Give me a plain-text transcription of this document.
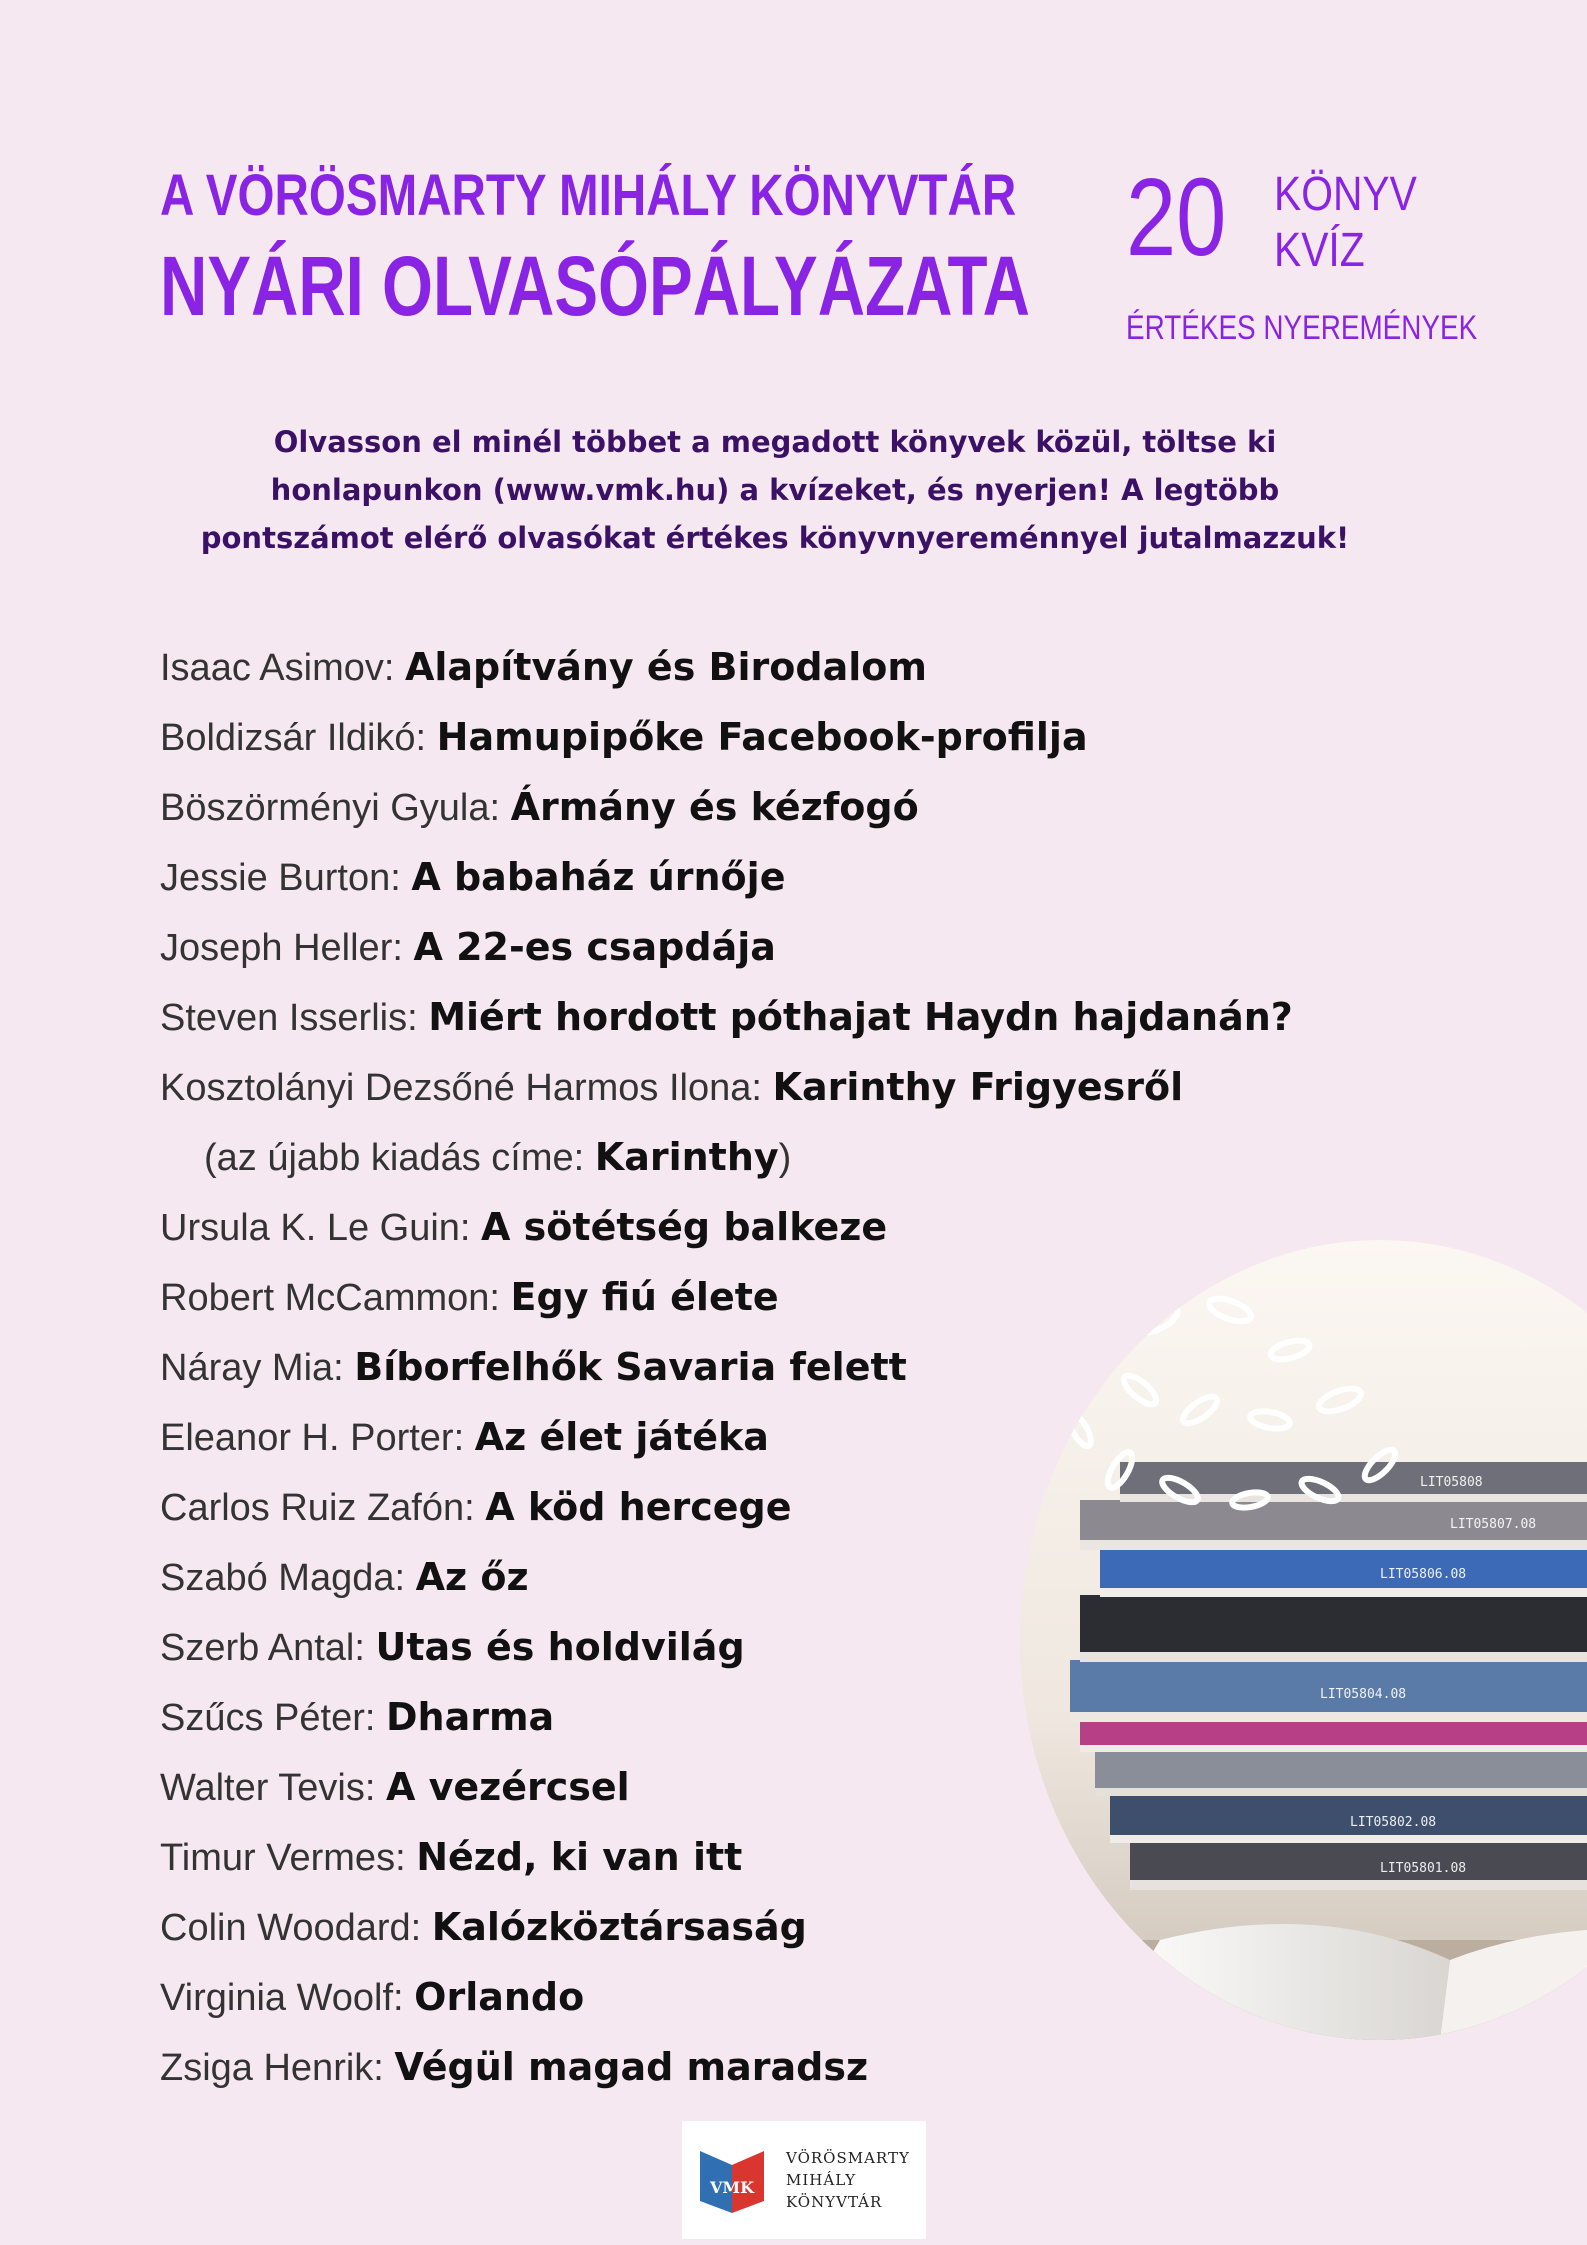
A VÖRÖSMARTY MIHÁLY KÖNYVTÁR
NYÁRI OLVASÓPÁLYÁZATA
20 KÖNYV
KVÍZ
ÉRTÉKES NYEREMÉNYEK
Olvasson el minél többet a megadott könyvek közül, töltse ki
honlapunkon (www.vmk.hu) a kvízeket, és nyerjen! A legtöbb
pontszámot elérő olvasókat értékes könyvnyereménnyel jutalmazzuk!
Isaac Asimov: Alapítvány és Birodalom
Boldizsár Ildikó: Hamupipőke Facebook-profilja
Böszörményi Gyula: Ármány és kézfogó
Jessie Burton: A babaház úrnője
Joseph Heller: A 22-es csapdája
Steven Isserlis: Miért hordott póthajat Haydn hajdanán?
Kosztolányi Dezsőné Harmos Ilona: Karinthy Frigyesről
(az újabb kiadás címe: Karinthy)
Ursula K. Le Guin: A sötétség balkeze
Robert McCammon: Egy fiú élete
Náray Mia: Bíborfelhők Savaria felett
Eleanor H. Porter: Az élet játéka
Carlos Ruiz Zafón: A köd hercege
Szabó Magda: Az őz
Szerb Antal: Utas és holdvilág
Szűcs Péter: Dharma
Walter Tevis: A vezércsel
Timur Vermes: Nézd, ki van itt
Colin Woodard: Kalózköztársaság
Virginia Woolf: Orlando
Zsiga Henrik: Végül magad maradsz
LIT05808
LIT05807.08
LIT05806.08
LIT05804.08
LIT05802.08
LIT05801.08
VMK
VÖRÖSMARTY
MIHÁLY
KÖNYVTÁR
